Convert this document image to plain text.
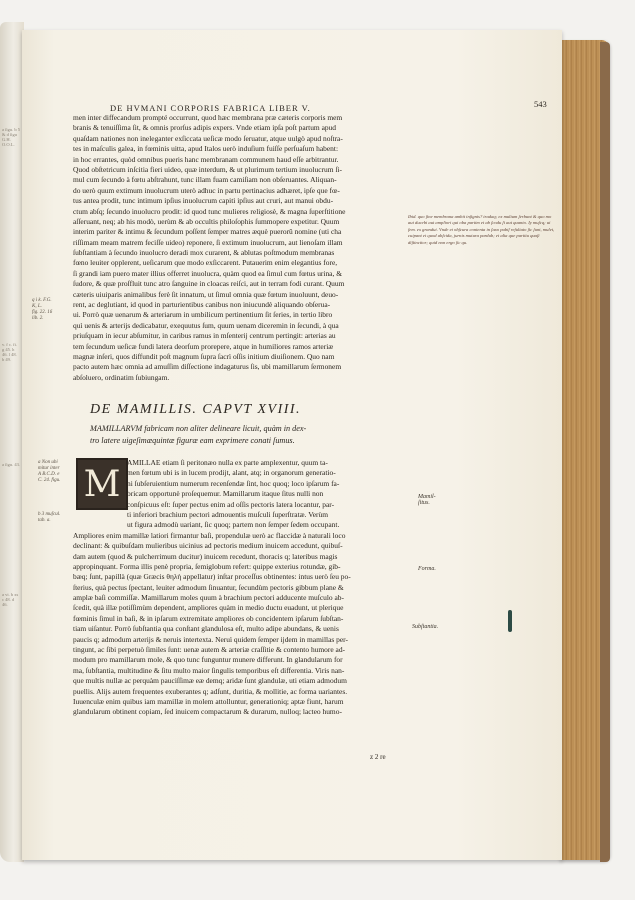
a ſigu. b 5 & d ſigu G.H. O.O.L.
v. f c. fi. g 45. h 46. l 48. b 49.
a ſigu. 43.
a vi. b xs c 48. d 46.
DE HVMANI CORPORIS FABRICA LIBER V.	543
men inter diffecandum prompté occurrunt, quod hæc membrana præ cæteris corporis mem
branis & tenuiſſima ſit, & omnis prorſus adipis expers. Vnde etiam ipſa poſt partum apud
quaſdam nationes non ineleganter exſiccata ueſicæ modo ſeruatur, atque uulgò apud noſtra-
tes in maſculis galea, in fœminis uitta, apud Italos uerò induſium fuiſſe perſuaſum habent:
in hoc errantes, quòd omnibus pueris hanc membranam communem haud eſſe arbitrantur.
Quod obſtetricum inſcitia fieri uideo, quæ interdum, & ut plurimum tertium inuolucrum ſi-
mul cum ſecundo à fœtu abſtrahunt, tunc illam fuam camiſiam non obſeruantes. Aliquan-
do uerò quum extimum inuolucrum uterò adhuc in partu pertinacius adhæret, ipſe que fœ-
tus antea prodit, tunc intimum ipſius inuolucrum capiti ipſius aut cruri, aut manui obdu-
ctum abſq; ſecundo inuolucro prodit: id quod tunc mulieres religiosè, & magna ſuperſtitione
aſſeruant, neq; ab his modò, uerùm & ab occultis philoſophis ſummopere expetitur. Quum
interim pariter & intimu & ſecundum poſſent ſemper matres æquè puerorũ nomine (uti cha
riſſimam meam matrem feciſſe uideo) reponere, ſi extimum inuolucrum, aut lienoſam illam
ſubſtantiam à ſecundo inuolucro deradi mox curarent, & ablutas poſtmodum membranas
fœno leuiter opplerent, ueſicarum que modo exſiccarent. Putauerim enim elegantius fore,
ſi grandi iam puero mater illius offerret inuolucra, quàm quod ea ſimul cum fœtus urina, &
ſudore, & quæ proſfluit tunc atro ſanguine in cloacas reiſci, aut in terram fodi curant. Quum
cæteris uiuiparis animalibus ferè ſit innatum, ut ſimul omnia quæ fœtum inuoluunt, deuo-
rent, ac deglutiant, id quod in parturientibus canibus non iniucundè aliquando obſerua-
ui. Porrò quæ uenarum & arteriarum in umbilicum pertinentium ſit ſeries, in tertio libro
quì uenis & arterijs dedicabatur, exequutus ſum, quum uenam diceremin in ſecundi, à qua
priuſquam in iecur abſumitur, in caribus ramus in mſenterij centrum pertingit: arterias au
tem ſecundum ueſicæ fundi latera deorſum prorepere, atque in humiliores ramos arteriæ
magnæ inſeri, quos diffundit poſt magnum ſupra ſacrì oſſis initium diuiſionem. Quo nam
pacto autem hæc omnia ad amuſſim diſſectione indagaturus ſis, ubi mamillarum ſermonem
abſoluero, ordinatim ſubiungam.
Ibid. quo ſine membrana ambit inſignis? tradaq; ex multum ſerbunt & quo mo aut ducebi aut ampliori qui oba partim et ab ſcodu ſi aut quanto. Iy muſcq; ui ſem. ex grandui. Vnde et obſcura contenta in ſaxo pubiſ reſultato ſic ſunt, mulet, cuipant et quod abſcida, jurnis mutura pardub; et alia que partitu quaſi diſtinctior; quid non ergo ſic qu.
q i k. F.G.
K, L.
fig. 22. 16
lib. 2.
DE MAMILLIS. CAPVT XVIII.
MAMILLARVM fabricam non aliter delineare licuit, quàm in dex-
tro latere uigeſimæquintæ figuræ eam exprimere conati ſumus.
a Non ubi
mitur inter
A B.C.D. e
C. 24. figu.
b 3 muſcul.
tab. a.
M
AMILLAE etiam ſi peritonæo nulla ex parte amplexentur, quum ta-
men fœtum ubi is in lucem prodijt, alant, atq; in organorum generatio-
ni ſubſeruientium numerum recenſendæ ſint, hoc quoq; loco ipſarum fa-
bricam opportunè proſequemur. Mamillarum itaque ſitus nulli non
conſpicuus eſt: ſuper pectus enim ad oſſis pectoris latera locantur, par-
ti inferiori brachium pectori admouentis muſculi ſuperſtratæ. Verùm
ut figura admodù uariant, ſic quoq; partem non ſemper ſedem occupant.
Ampliores enim mamillæ latiori firmantur baſi, propendulæ uerò ac flaccidæ à naturali loco
declinant: & quibuſdam mulieribus uicinius ad pectoris medium inuicem accedunt, quibuſ-
dam autem (quod & pulcherrimum ducitur) inuicem recedunt, thoracis q; lateribus magis
appropinquant. Forma illis penè propria, ſemiglobum refert: quippe exterius rotundæ, gib-
bæq; ſunt, papillà (quæ Græcis θηλὴ appellatur) inſtar proceſſus obtinentes: intus uerò ſeu po-
ſterius, quà pectus ſpectant, leuiter admodum ſinuantur, ſecundùm pectoris gibbum plane &
amplæ baſi commiſſæ. Mamillarum moles quum à brachium pectori adducente muſculo ab-
ſcedit, quà illæ potiſſimùm dependent, ampliores quàm in medio ductu euadunt, ut plerique
fœminis ſimul in baſi, & in ipſarum extremitate ampliores ob concidentem ipſarum ſubſtan-
tiam uiſantur. Porrò ſubſtantia qua conſtant glandulosa eſt, multo adipe abundans, & uenis
paucis q; admodum arterijs & neruis intertexta. Neruì quidem ſemper ijdem in mamillas per-
tingunt, ac ſibi perpetuò ſimiles ſunt: uenæ autem & arteriæ craſſitie & contento humore ad-
modum pro mamillarum mole, & quo tunc funguntur munere differunt. In glandularum for
ma, ſubſtantia, multitudine & ſitu multo maior ſingulis temporibus eſt differentia. Viris nan-
que multis nullæ ac perquàm pauciſſimæ eæ demq; aridæ ſunt glandulæ, uti etiam admodum
puellis. Alijs autem frequentes exuberantes q; adſunt, duritia, & mollitie, ac forma uariantes.
Iuuenculæ enim quibus iam mamillæ in molem attolluntur, generationiq; aptæ fiunt, harum
glandularum obtinent copiam, ſed inuicem compactarum & durarum, nulloq; lacteo humo-
Mamil-
ſitus.
Forma.
Subſtantia.
z 2 re
